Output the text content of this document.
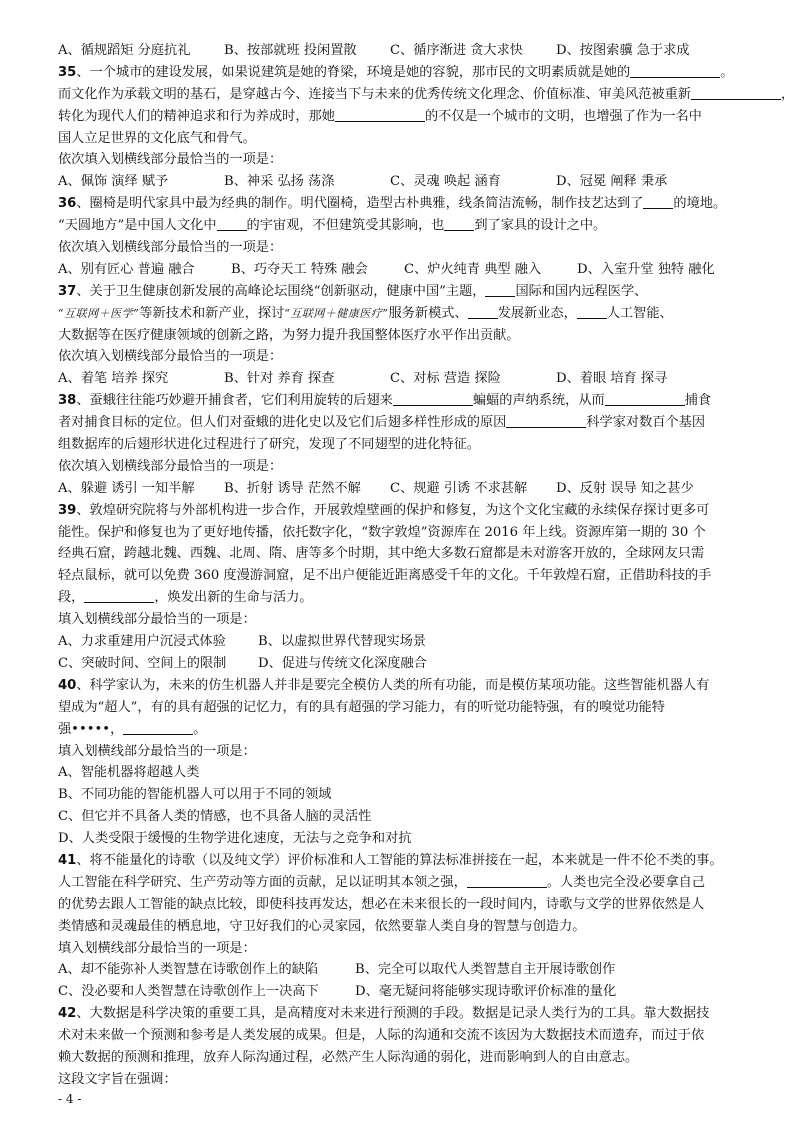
A、循规蹈矩 分庭抗礼	B、按部就班 投闲置散	C、循序渐进 贪大求快	D、按图索骥 急于求成
35、一个城市的建设发展，如果说建筑是她的脊梁，环境是她的容貌，那市民的文明素质就是她的	。
而文化作为承载文明的基石，是穿越古今、连接当下与未来的优秀传统文化理念、价值标准、审美风范被重新	，
转化为现代人们的精神追求和行为养成时，那她	的不仅是一个城市的文明，也增强了作为一名中
国人立足世界的文化底气和骨气。
依次填入划横线部分最恰当的一项是：
A、佩饰 演绎 赋予	B、神采 弘扬 荡涤	C、灵魂 唤起 涵育	D、冠冕 阐释 秉承
36、圈椅是明代家具中最为经典的制作。明代圈椅，造型古朴典雅，线条简洁流畅，制作技艺达到了 的境地。
“天圆地方”是中国人文化中 的宇宙观，不但建筑受其影响，也 到了家具的设计之中。
依次填入划横线部分最恰当的一项是：
A、别有匠心 普遍 融合	B、巧夺天工 特殊 融会	C、炉火纯青 典型 融入	D、入室升堂 独特 融化
37、关于卫生健康创新发展的高峰论坛围绕“创新驱动，健康中国”主题， 国际和国内远程医学、
“互联网＋医学”等新技术和新产业，探讨“互联网＋健康医疗”服务新模式、 发展新业态， 人工智能、
大数据等在医疗健康领域的创新之路，为努力提升我国整体医疗水平作出贡献。
依次填入划横线部分最恰当的一项是：
A、着笔 培养 探究	B、针对 养育 探查	C、对标 营造 探险	D、着眼 培育 探寻
38、蚕蛾往往能巧妙避开捕食者，它们利用旋转的后翅来	蝙蝠的声纳系统，从而	捕食
者对捕食目标的定位。但人们对蚕蛾的进化史以及它们后翅多样性形成的原因	科学家对数百个基因
组数据库的后翅形状进化过程进行了研究，发现了不同翅型的进化特征。
依次填入划横线部分最恰当的一项是：
A、躲避 诱引 一知半解	B、折射 诱导 茫然不解	C、规避 引诱 不求甚解	D、反射 误导 知之甚少
39、敦煌研究院将与外部机构进一步合作，开展敦煌壁画的保护和修复，为这个文化宝藏的永续保存探讨更多可
能性。保护和修复也为了更好地传播，依托数字化，“数字敦煌”资源库在 2016 年上线。资源库第一期的 30 个
经典石窟，跨越北魏、西魏、北周、隋、唐等多个时期，其中绝大多数石窟都是未对游客开放的，全球网友只需
轻点鼠标，就可以免费 360 度漫游洞窟，足不出户便能近距离感受千年的文化。千年敦煌石窟，正借助科技的手
段，	，焕发出新的生命与活力。
填入划横线部分最恰当的一项是：
A、力求重建用户沉浸式体验	B、以虚拟世界代替现实场景
C、突破时间、空间上的限制	D、促进与传统文化深度融合
40、科学家认为，未来的仿生机器人并非是要完全模仿人类的所有功能，而是模仿某项功能。这些智能机器人有
望成为“超人”，有的具有超强的记忆力，有的具有超强的学习能力，有的听觉功能特强，有的嗅觉功能特
强•••••，	。
填入划横线部分最恰当的一项是：
A、智能机器将超越人类
B、不同功能的智能机器人可以用于不同的领域
C、但它并不具备人类的情感，也不具备人脑的灵活性
D、人类受限于缓慢的生物学进化速度，无法与之竞争和对抗
41、将不能量化的诗歌（以及纯文学）评价标准和人工智能的算法标准拼接在一起，本来就是一件不伦不类的事。
人工智能在科学研究、生产劳动等方面的贡献，足以证明其本领之强，	。人类也完全没必要拿自己
的优势去跟人工智能的缺点比较，即使科技再发达，想必在未来很长的一段时间内，诗歌与文学的世界依然是人
类情感和灵魂最佳的栖息地，守卫好我们的心灵家园，依然要靠人类自身的智慧与创造力。
填入划横线部分最恰当的一项是：
A、却不能弥补人类智慧在诗歌创作上的缺陷	B、完全可以取代人类智慧自主开展诗歌创作
C、没必要和人类智慧在诗歌创作上一决高下	D、毫无疑问将能够实现诗歌评价标准的量化
42、大数据是科学决策的重要工具，是高精度对未来进行预测的手段。数据是记录人类行为的工具。靠大数据技
术对未来做一个预测和参考是人类发展的成果。但是，人际的沟通和交流不该因为大数据技术而遗弃，而过于依
赖大数据的预测和推理，放弃人际沟通过程，必然产生人际沟通的弱化，进而影响到人的自由意志。
这段文字旨在强调：
- 4 -
